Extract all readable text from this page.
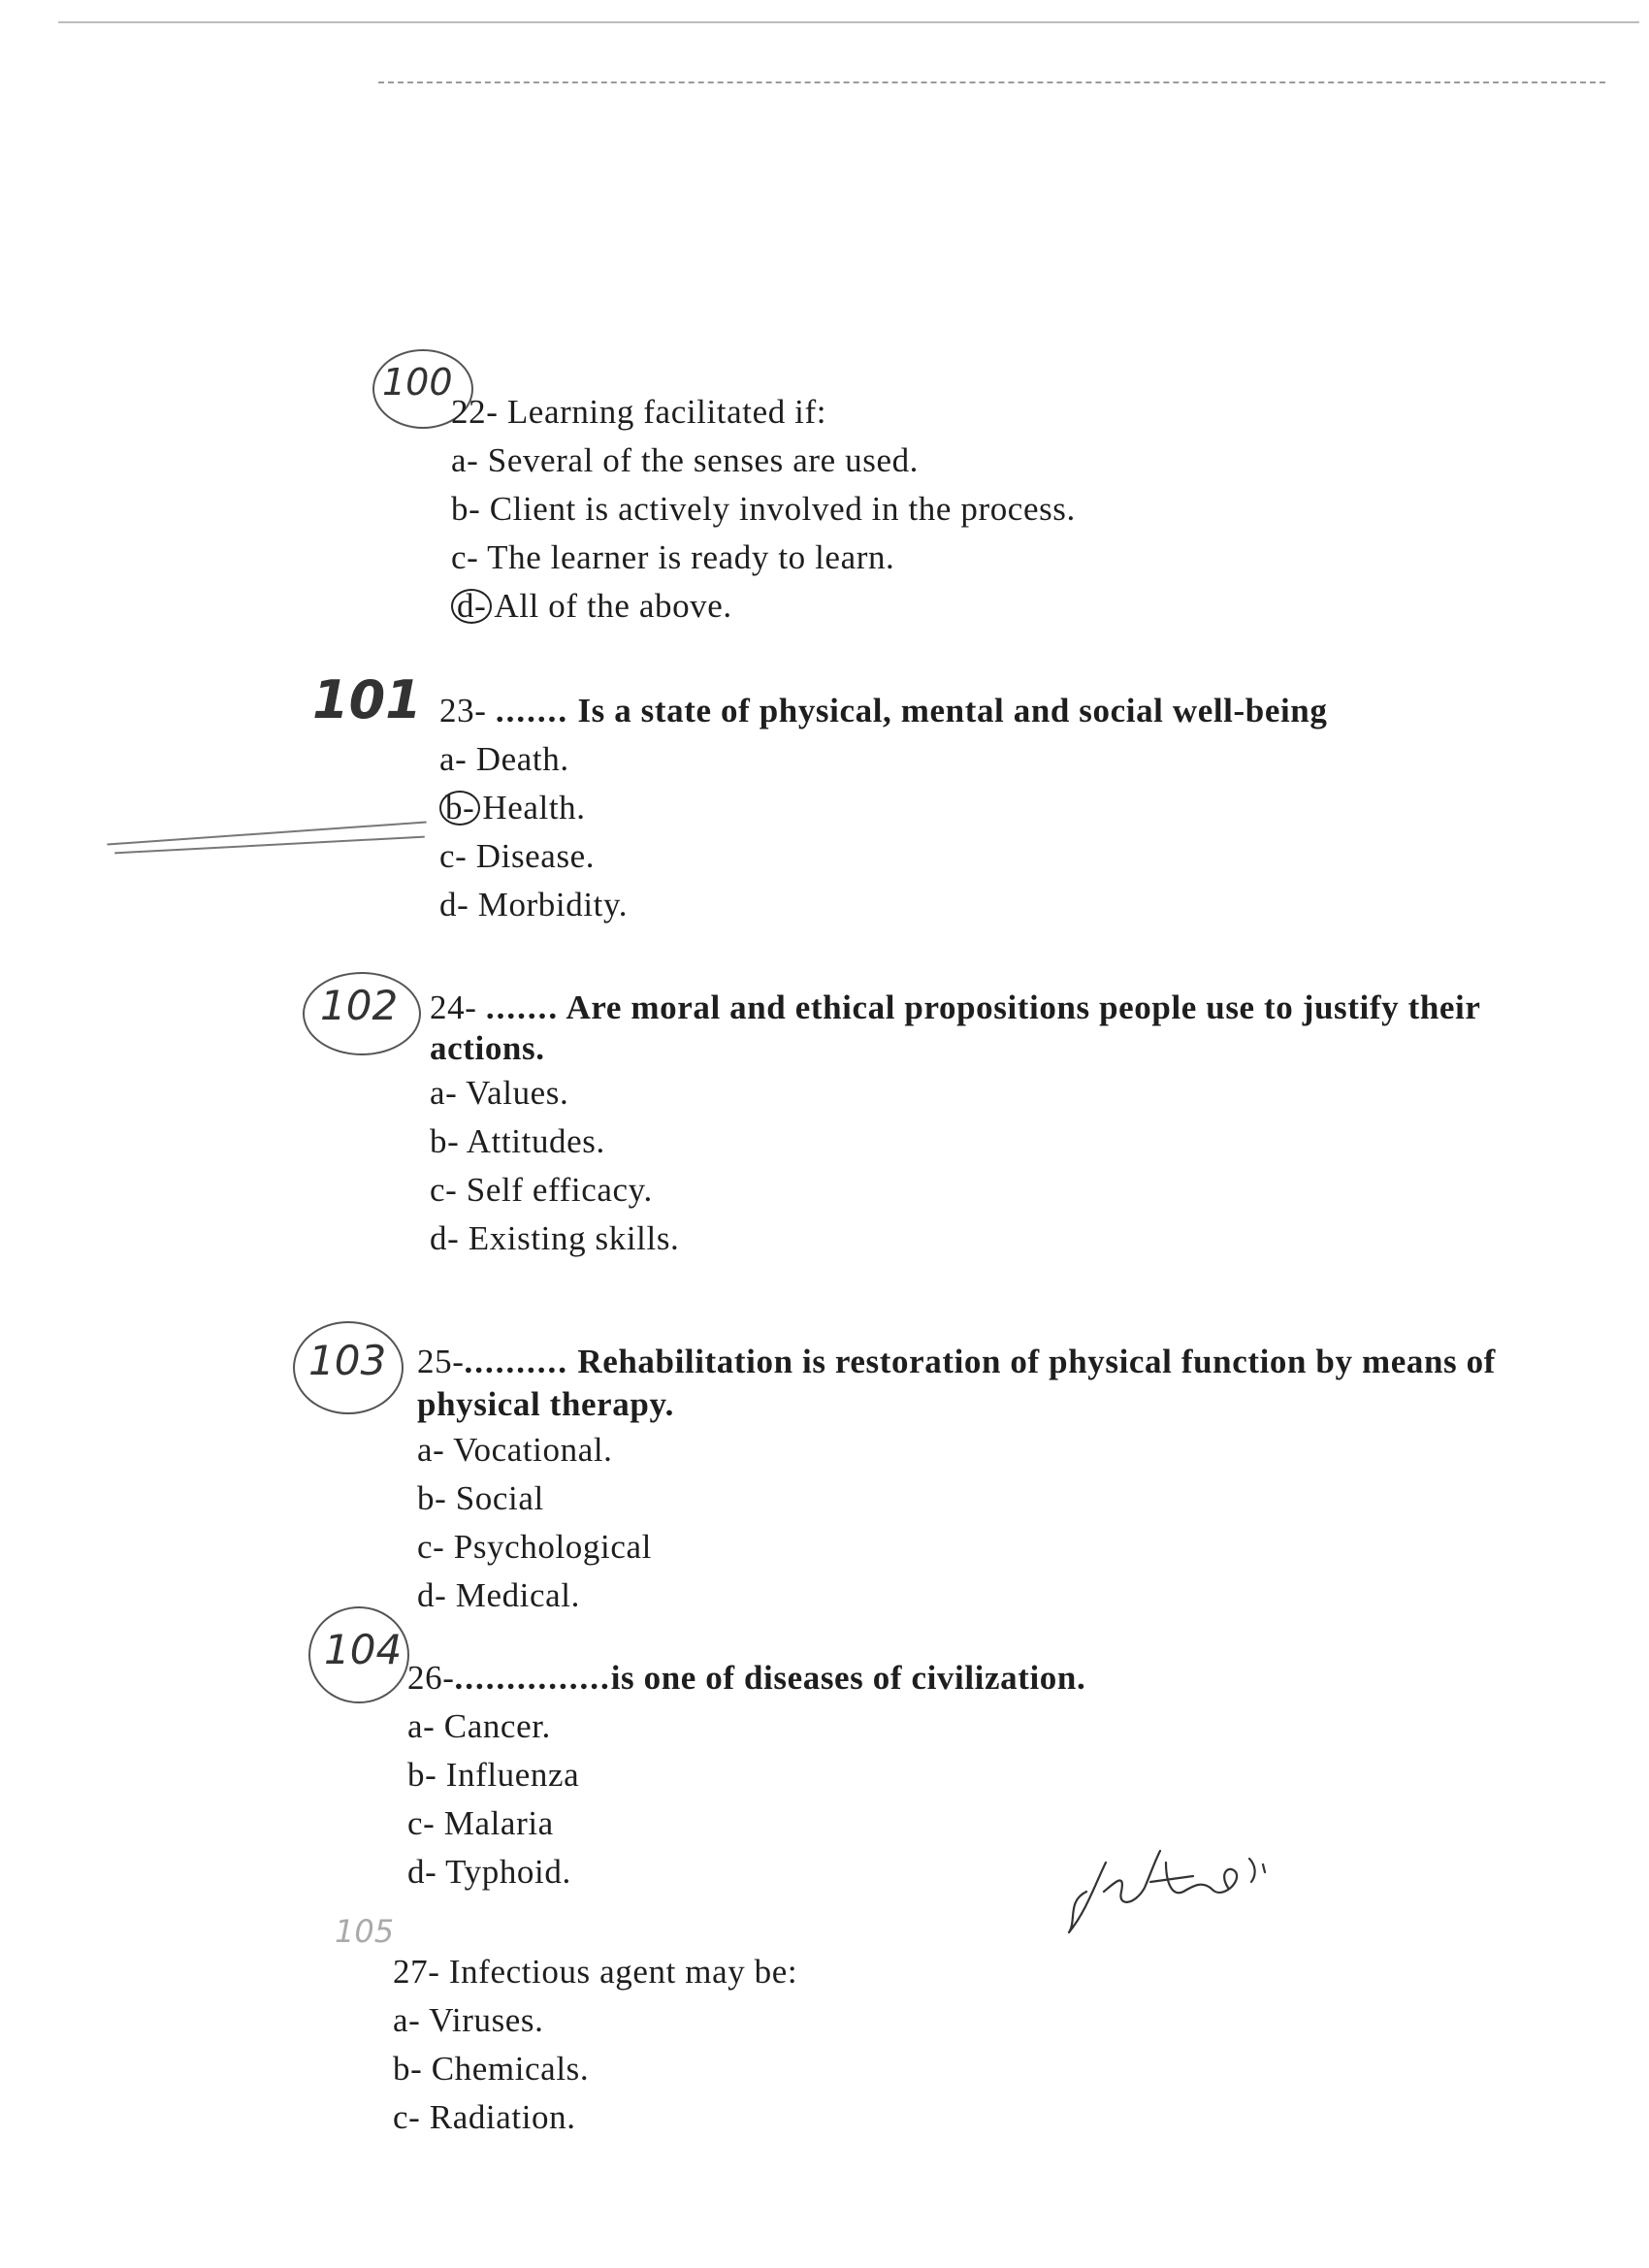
100
22- Learning facilitated if:
a- Several of the senses are used.
b- Client is actively involved in the process.
c- The learner is ready to learn.
d- All of the above.
101 23- ....... Is a state of physical, mental and social well-being
a- Death.
b- Health.
c- Disease.
d- Morbidity.
102 24- ....... Are moral and ethical propositions people use to justify their actions.
a- Values.
b- Attitudes.
c- Self efficacy.
d- Existing skills.
103 25-.......... Rehabilitation is restoration of physical function by means of physical therapy.
a- Vocational.
b- Social
c- Psychological
d- Medical.
104
26-...............is one of diseases of civilization.
a- Cancer.
b- Influenza
c- Malaria
d- Typhoid.
105
27- Infectious agent may be:
a- Viruses.
b- Chemicals.
c- Radiation.
